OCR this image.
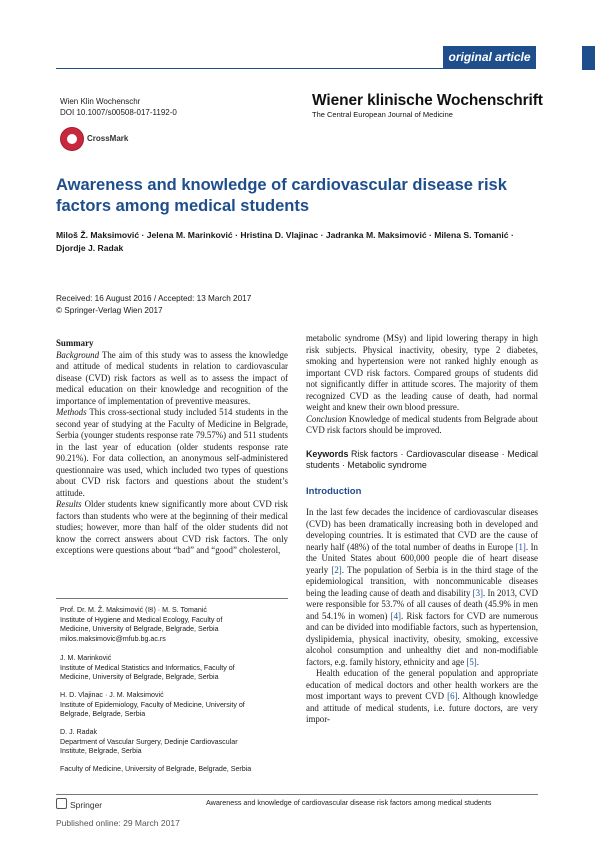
original article
Wien Klin Wochenschr
DOI 10.1007/s00508-017-1192-0
Wiener klinische Wochenschrift
The Central European Journal of Medicine
CrossMark
Awareness and knowledge of cardiovascular disease risk
factors among medical students
Miloš Ž. Maksimović · Jelena M. Marinković · Hristina D. Vlajinac · Jadranka M. Maksimović · Milena S. Tomanić ·
Djordje J. Radak
Received: 16 August 2016 / Accepted: 13 March 2017
© Springer-Verlag Wien 2017

Summary

Background The aim of this study was to assess the knowledge and attitude of medical students in relation to cardiovascular disease (CVD) risk factors as well as to assess the impact of medical education on their knowledge and recognition of the importance of implementation of preventive measures.

Methods This cross-sectional study included 514 students in the second year of studying at the Faculty of Medicine in Belgrade, Serbia (younger students response rate 79.57%) and 511 students in the last year of education (older students response rate 90.21%). For data collection, an anonymous self-administered questionnaire was used, which included two types of questions about CVD risk factors and questions about the student’s attitude.

Results Older students knew significantly more about CVD risk factors than students who were at the beginning of their medical studies; however, more than half of the older students did not know the correct answers about CVD risk factors. The only exceptions were questions about “bad” and “good” cholesterol,

Prof. Dr. M. Ž. Maksimović (✉) · M. S. Tomanić
Institute of Hygiene and Medical Ecology, Faculty of
Medicine, University of Belgrade, Belgrade, Serbia
milos.maksimovic@mfub.bg.ac.rs
J. M. Marinković
Institute of Medical Statistics and Informatics, Faculty of
Medicine, University of Belgrade, Belgrade, Serbia
H. D. Vlajinac · J. M. Maksimović
Institute of Epidemiology, Faculty of Medicine, University of
Belgrade, Belgrade, Serbia
D. J. Radak
Department of Vascular Surgery, Dedinje Cardiovascular
Institute, Belgrade, Serbia
Faculty of Medicine, University of Belgrade, Belgrade, Serbia

metabolic syndrome (MSy) and lipid lowering therapy in high risk subjects. Physical inactivity, obesity, type 2 diabetes, smoking and hypertension were not ranked highly enough as important CVD risk factors. Compared groups of students did not significantly differ in attitude scores. The majority of them recognized CVD as the leading cause of death, had normal weight and knew their own blood pressure.

Conclusion Knowledge of medical students from Belgrade about CVD risk factors should be improved.

Keywords Risk factors · Cardiovascular disease · Medical students · Metabolic syndrome

Introduction

In the last few decades the incidence of cardiovascular diseases (CVD) has been dramatically increasing both in developed and developing countries. It is estimated that CVD are the cause of nearly half (48%) of the total number of deaths in Europe [1]. In the United States about 600,000 people die of heart disease yearly [2]. The population of Serbia is in the third stage of the epidemiological transition, with noncommunicable diseases being the leading cause of death and disability [3]. In 2013, CVD were responsible for 53.7% of all causes of death (45.9% in men and 54.1% in women) [4]. Risk factors for CVD are numerous and can be divided into modifiable factors, such as hypertension, dyslipidemia, physical inactivity, obesity, smoking, excessive alcohol consumption and unhealthy diet and non-modifiable factors, e.g. family history, ethnicity and age [5].

Health education of the general population and appropriate education of medical doctors and other health workers are the most important ways to prevent CVD [6]. Although knowledge and attitude of medical students, i.e. future doctors, are very impor-

Springer	Awareness and knowledge of cardiovascular disease risk factors among medical students
Published online: 29 March 2017
